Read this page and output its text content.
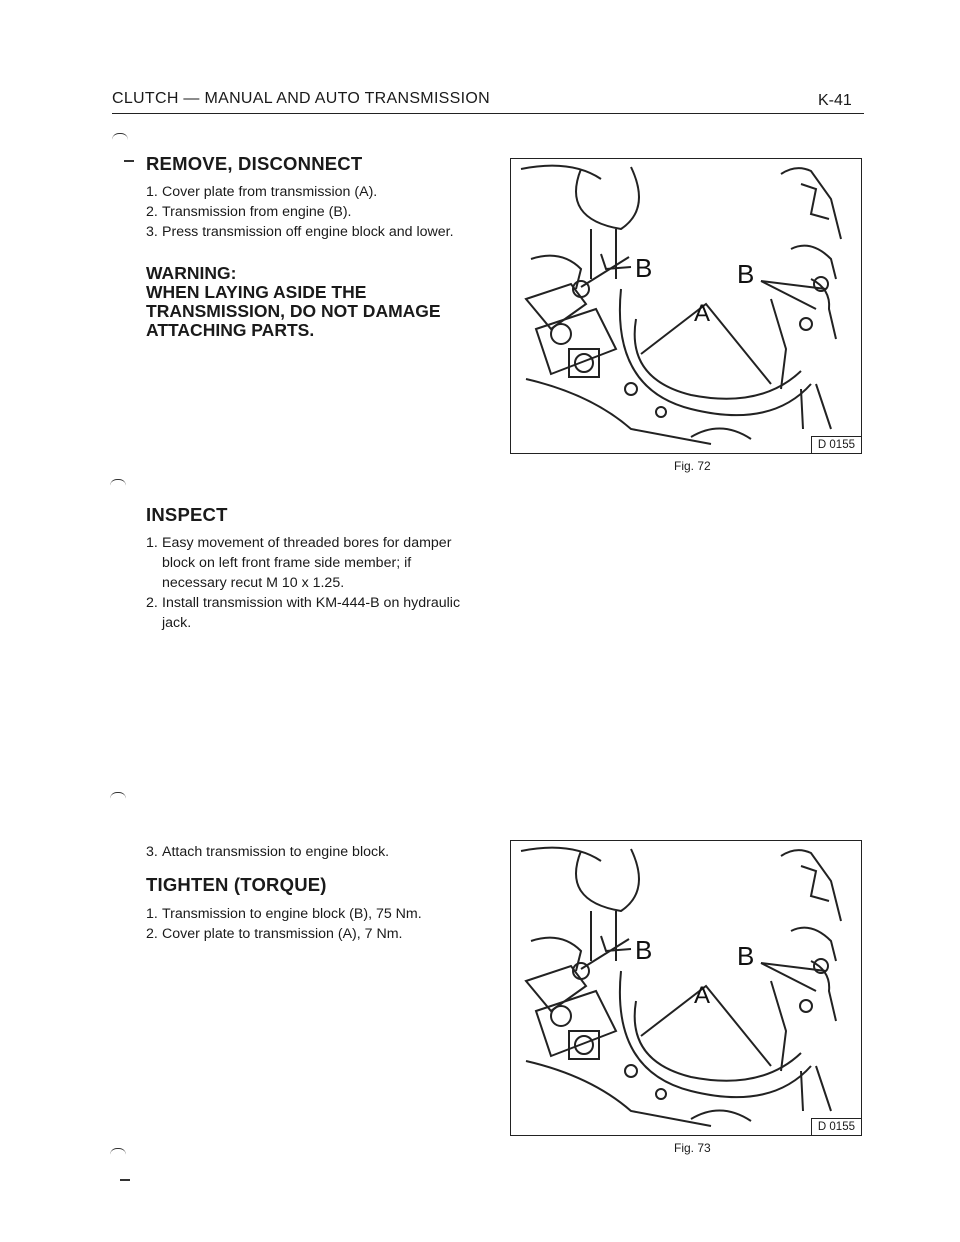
CLUTCH — MANUAL AND AUTO TRANSMISSION	K-41
REMOVE, DISCONNECT
1. Cover plate from transmission (A).
2. Transmission from engine (B).
3. Press transmission off engine block and lower.
WARNING:
WHEN LAYING ASIDE THE TRANSMISSION, DO NOT DAMAGE ATTACHING PARTS.
INSPECT
1. Easy movement of threaded bores for damper block on left front frame side member; if necessary recut M 10 x 1.25.
2. Install transmission with KM-444-B on hydraulic jack.
3. Attach transmission to engine block.
TIGHTEN (TORQUE)
1. Transmission to engine block (B), 75 Nm.
2. Cover plate to transmission (A), 7 Nm.
B	B
A
D 0155
Fig. 72
B	B
A
D 0155
Fig. 73
